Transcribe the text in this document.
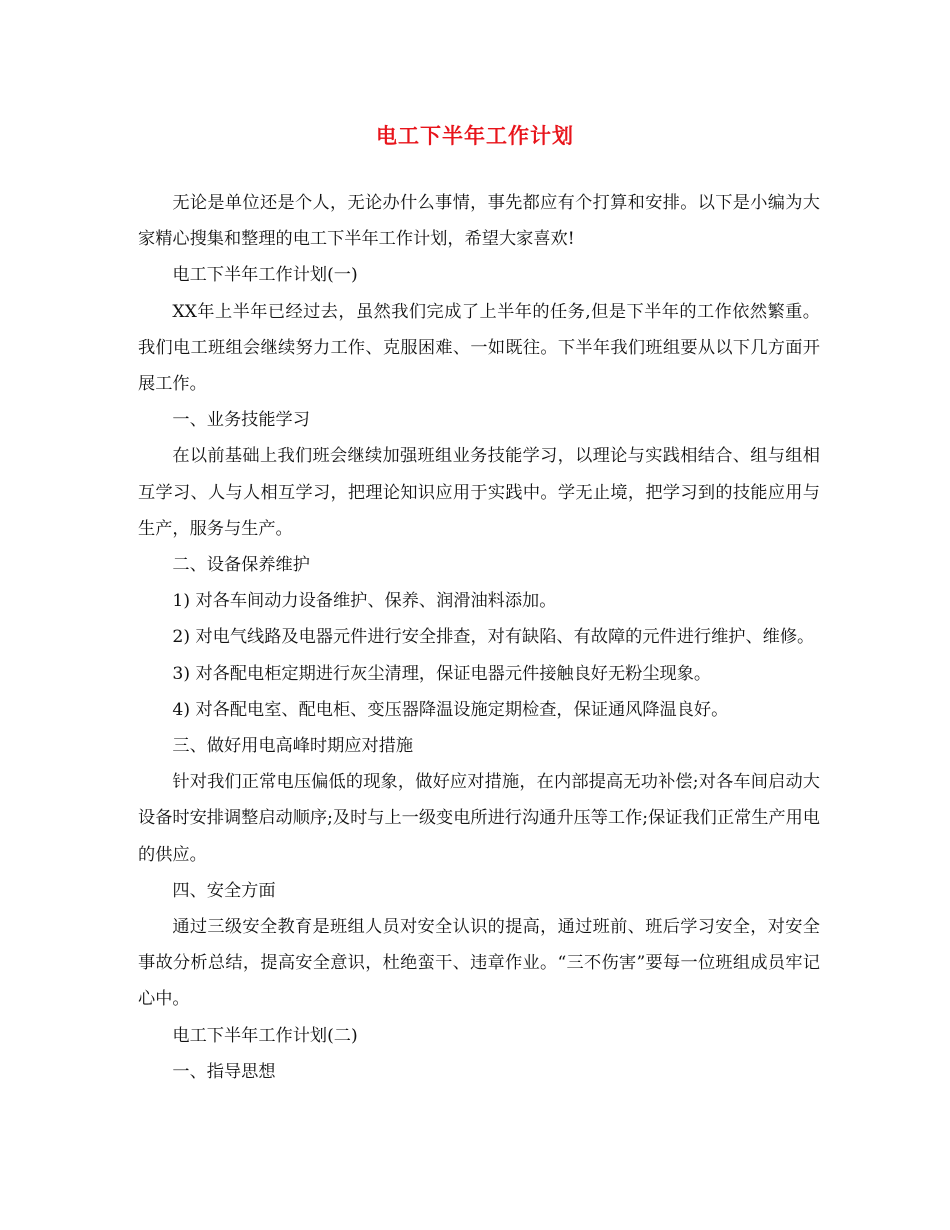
电工下半年工作计划

无论是单位还是个人，无论办什么事情，事先都应有个打算和安排。以下是小编为大家精心搜集和整理的电工下半年工作计划，希望大家喜欢!

电工下半年工作计划(一)

XX年上半年已经过去，虽然我们完成了上半年的任务,但是下半年的工作依然繁重。我们电工班组会继续努力工作、克服困难、一如既往。下半年我们班组要从以下几方面开展工作。

一、业务技能学习

在以前基础上我们班会继续加强班组业务技能学习，以理论与实践相结合、组与组相互学习、人与人相互学习，把理论知识应用于实践中。学无止境，把学习到的技能应用与生产，服务与生产。

二、设备保养维护

1) 对各车间动力设备维护、保养、润滑油料添加。

2) 对电气线路及电器元件进行安全排查，对有缺陷、有故障的元件进行维护、维修。

3) 对各配电柜定期进行灰尘清理，保证电器元件接触良好无粉尘现象。

4) 对各配电室、配电柜、变压器降温设施定期检查，保证通风降温良好。

三、做好用电高峰时期应对措施

针对我们正常电压偏低的现象，做好应对措施，在内部提高无功补偿;对各车间启动大设备时安排调整启动顺序;及时与上一级变电所进行沟通升压等工作;保证我们正常生产用电的供应。

四、安全方面

通过三级安全教育是班组人员对安全认识的提高，通过班前、班后学习安全，对安全事故分析总结，提高安全意识，杜绝蛮干、违章作业。“三不伤害”要每一位班组成员牢记心中。

电工下半年工作计划(二)

一、指导思想
